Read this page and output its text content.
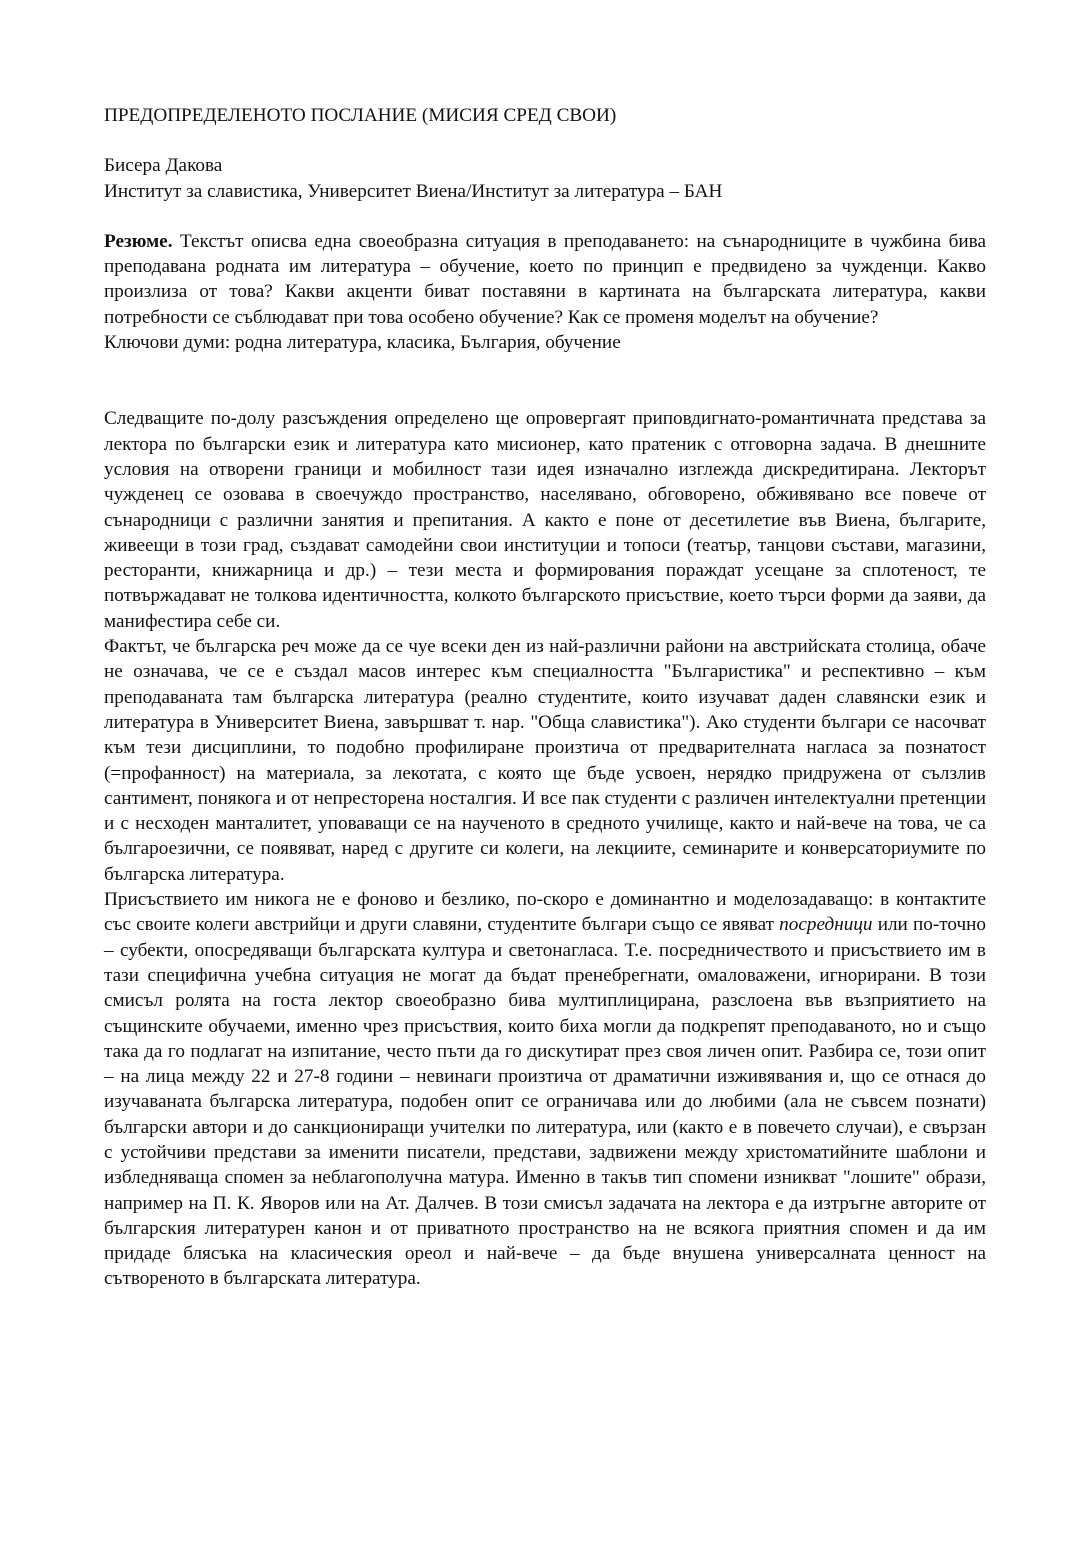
ПРЕДОПРЕДЕЛЕНОТО ПОСЛАНИЕ (МИСИЯ СРЕД СВОИ)
Бисера Дакова
Институт за славистика, Университет Виена/Институт за литература – БАН
Резюме. Текстът описва една своеобразна ситуация в преподаването: на сънародниците в чужбина бива преподавана родната им литература – обучение, което по принцип е предвидено за чужденци. Какво произлиза от това? Какви акценти биват поставяни в картината на българската литература, какви потребности се съблюдават при това особено обучение? Как се променя моделът на обучение?
Ключови думи: родна литература, класика, България, обучение

Следващите по-долу разсъждения определено ще опровергаят приповдигнато-романтичната представа за лектора по български език и литература като мисионер, като пратеник с отговорна задача. В днешните условия на отворени граници и мобилност тази идея изначално изглежда дискредитирана. Лекторът чужденец се озовава в своечуждо пространство, населявано, обговорено, обживявано все повече от сънародници с различни занятия и препитания. А както е поне от десетилетие във Виена, българите, живеещи в този град, създават самодейни свои институции и топоси (театър, танцови състави, магазини, ресторанти, книжарница и др.) – тези места и формирования пораждат усещане за сплотеност, те потвържадават не толкова идентичността, колкото българското присъствие, което търси форми да заяви, да манифестира себе си.

Фактът, че българска реч може да се чуе всеки ден из най-различни райони на австрийската столица, обаче не означава, че се е създал масов интерес към специалността "Българистика" и респективно – към преподаваната там българска литература (реално студентите, които изучават даден славянски език и литература в Университет Виена, завършват т. нар. "Обща славистика"). Ако студенти българи се насочват към тези дисциплини, то подобно профилиране произтича от предварителната нагласа за познатост (=профанност) на материала, за лекотата, с която ще бъде усвоен, нерядко придружена от сълзлив сантимент, понякога и от непресторена носталгия. И все пак студенти с различен интелектуални претенции и с несходен манталитет, уповаващи се на наученото в средното училище, както и най-вече на това, че са българоезични, се появяват, наред с другите си колеги, на лекциите, семинарите и конверсаториумите по българска литература.

Присъствието им никога не е фоново и безлико, по-скоро е доминантно и моделозадаващо: в контактите със своите колеги австрийци и други славяни, студентите българи също се явяват посредници или по-точно – субекти, опосредяващи българската култура и светонагласа. Т.е. посредничеството и присъствието им в тази специфична учебна ситуация не могат да бъдат пренебрегнати, омаловажени, игнорирани. В този смисъл ролята на госта лектор своеобразно бива мултиплицирана, разслоена във възприятието на същинските обучаеми, именно чрез присъствия, които биха могли да подкрепят преподаваното, но и също така да го подлагат на изпитание, често пъти да го дискутират през своя личен опит. Разбира се, този опит – на лица между 22 и 27-8 години – невинаги произтича от драматични изживявания и, що се отнася до изучаваната българска литература, подобен опит се ограничава или до любими (ала не съвсем познати) български автори и до санкциониращи учителки по литература, или (както е в повечето случаи), е свързан с устойчиви представи за именити писатели, представи, задвижени между христоматийните шаблони и избледняваща спомен за неблагополучна матура. Именно в такъв тип спомени изникват "лошите" образи, например на П. К. Яворов или на Ат. Далчев. В този смисъл задачата на лектора е да изтръгне авторите от българския литературен канон и от приватното пространство на не всякога приятния спомен и да им придаде блясъка на класическия ореол и най-вече – да бъде внушена универсалната ценност на сътвореното в българската литература.
